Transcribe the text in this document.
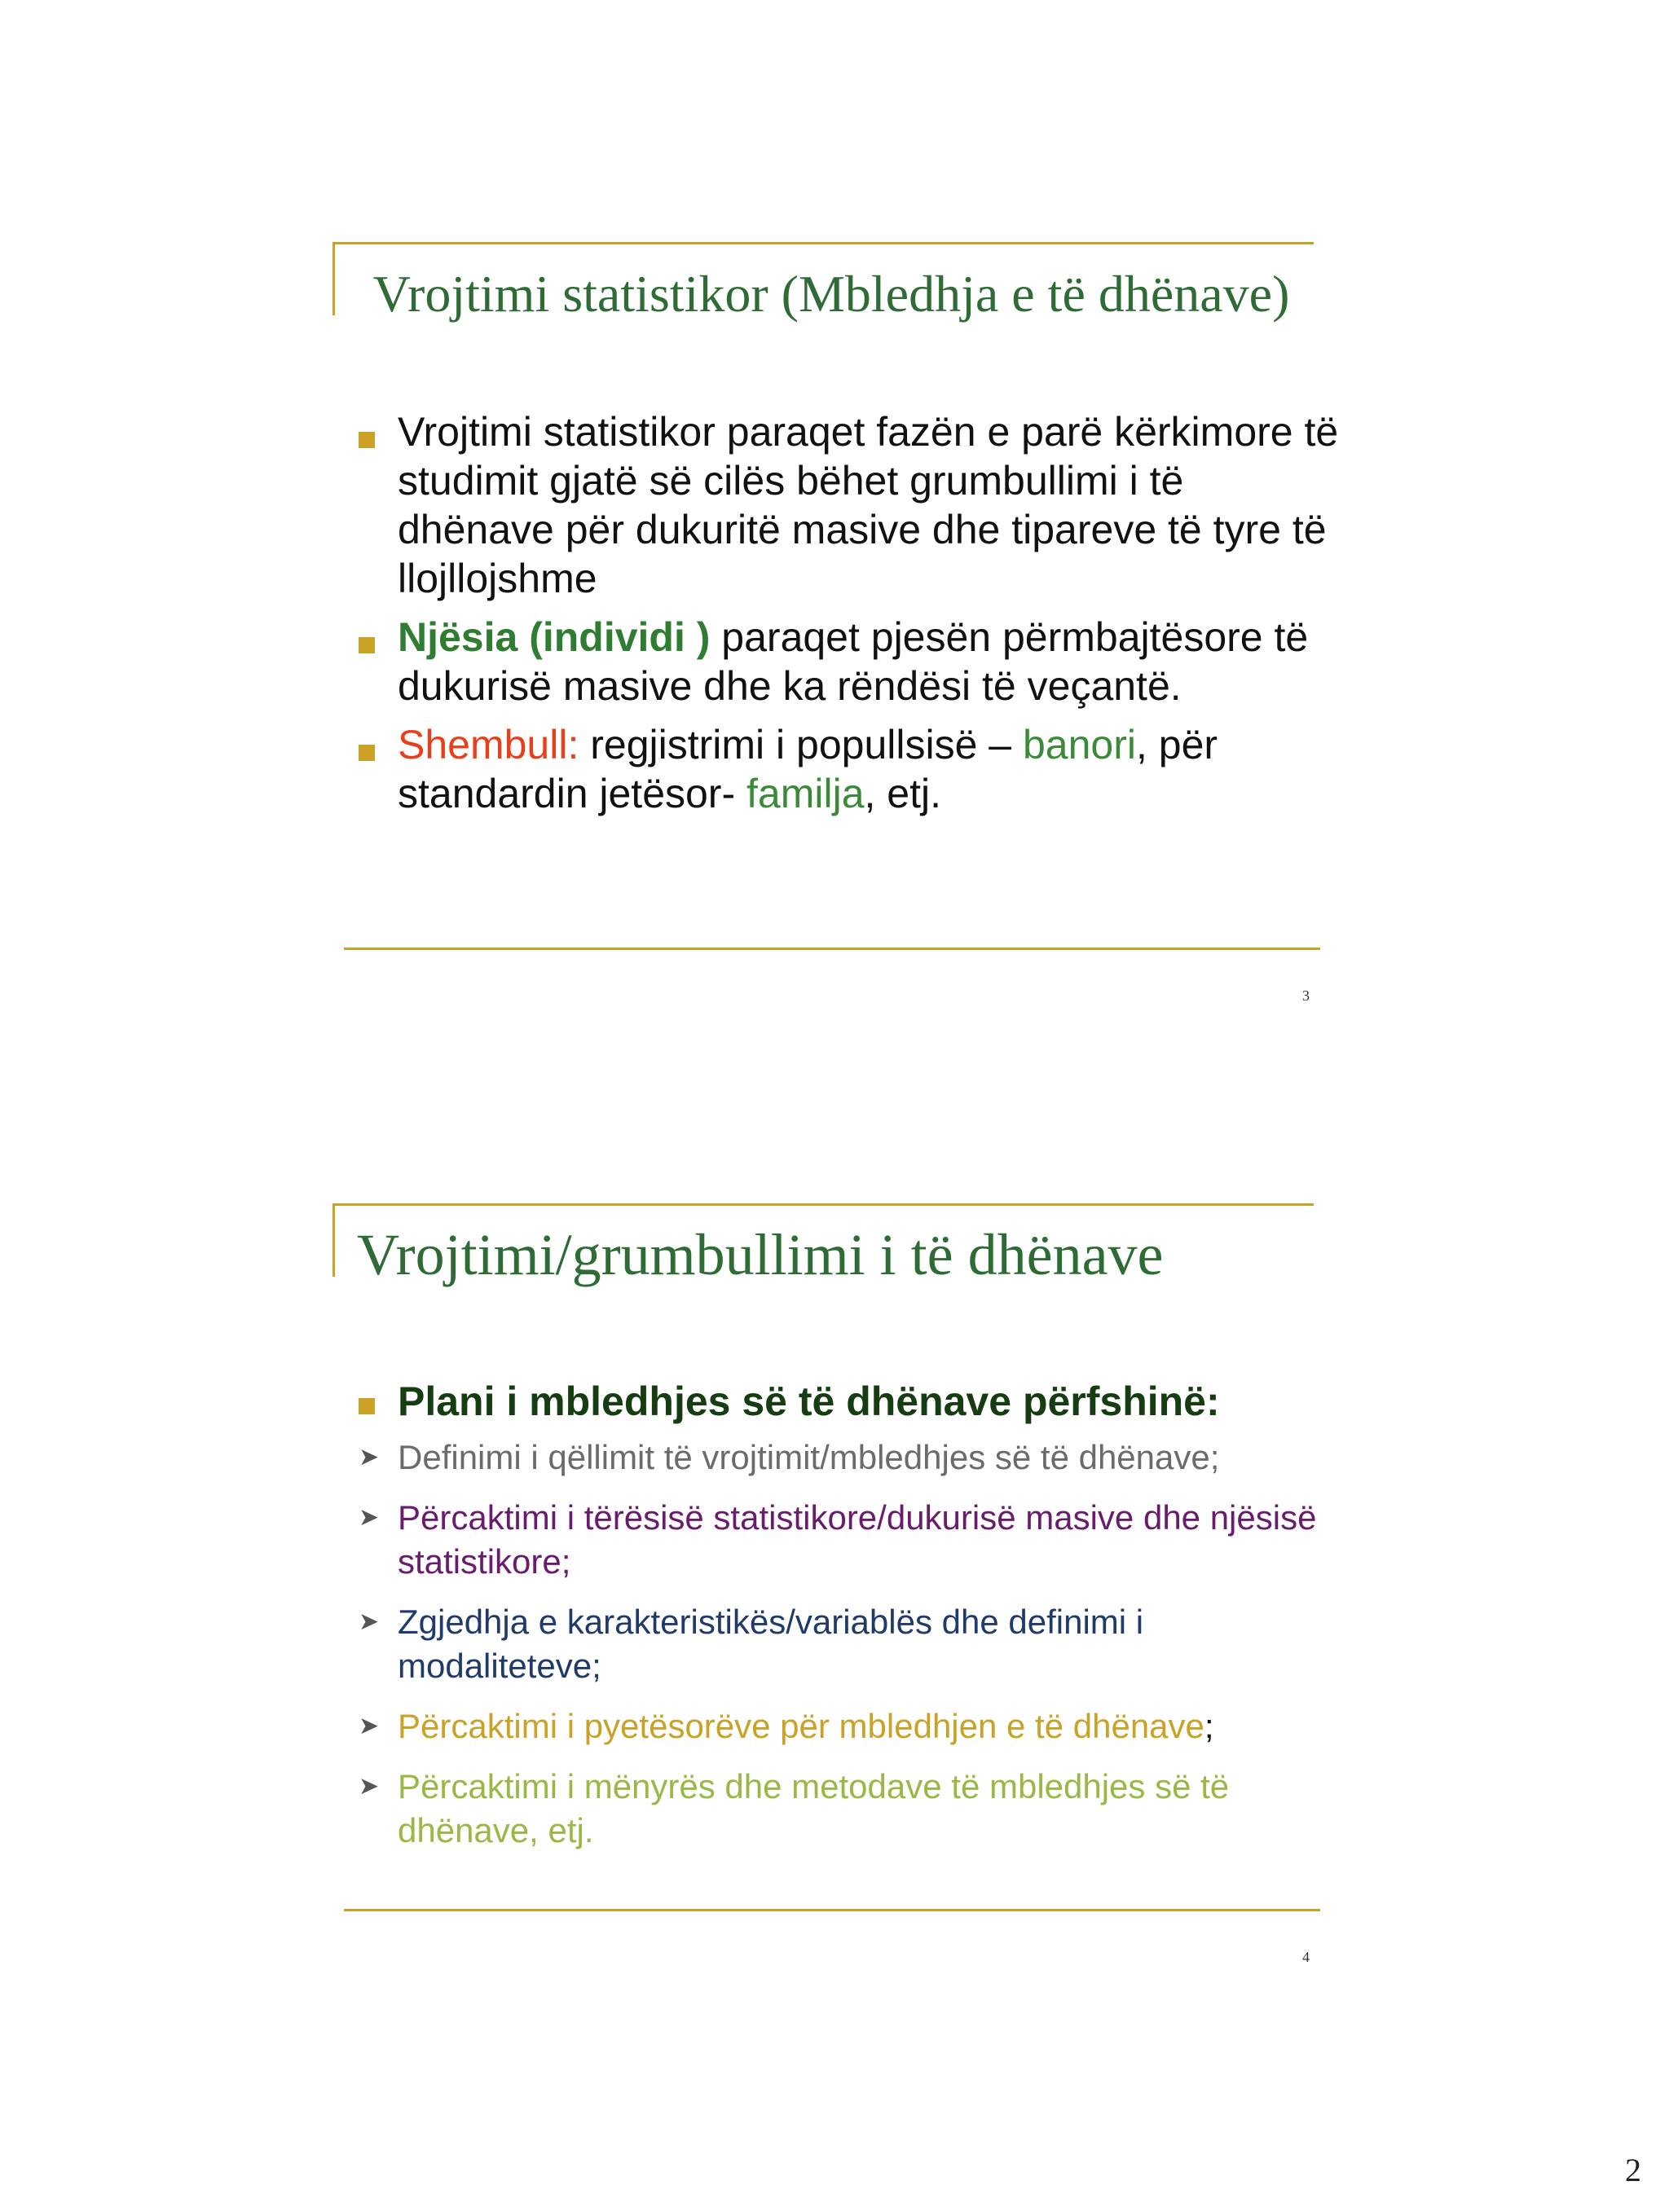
Vrojtimi statistikor (Mbledhja e të dhënave)
Vrojtimi statistikor paraqet fazën e parë kërkimore të studimit gjatë së cilës bëhet grumbullimi i të dhënave për dukuritë masive dhe tipareve të tyre të llojllojshme
Njësia (individi ) paraqet pjesën përmbajtësore të dukurisë masive dhe ka rëndësi të veçantë.
Shembull: regjistrimi i popullsisë – banori, për standardin jetësor- familja, etj.
3
Vrojtimi/grumbullimi i të dhënave
Plani i mbledhjes së të dhënave përfshinë:
➤ Definimi i qëllimit të vrojtimit/mbledhjes së të dhënave;
➤ Përcaktimi i tërësisë statistikore/dukurisë masive dhe njësisë statistikore;
➤ Zgjedhja e karakteristikës/variablës dhe definimi i modaliteteve;
➤ Përcaktimi i pyetësorëve për mbledhjen e të dhënave;
➤ Përcaktimi i mënyrës dhe metodave të mbledhjes së të dhënave, etj.
4
2
